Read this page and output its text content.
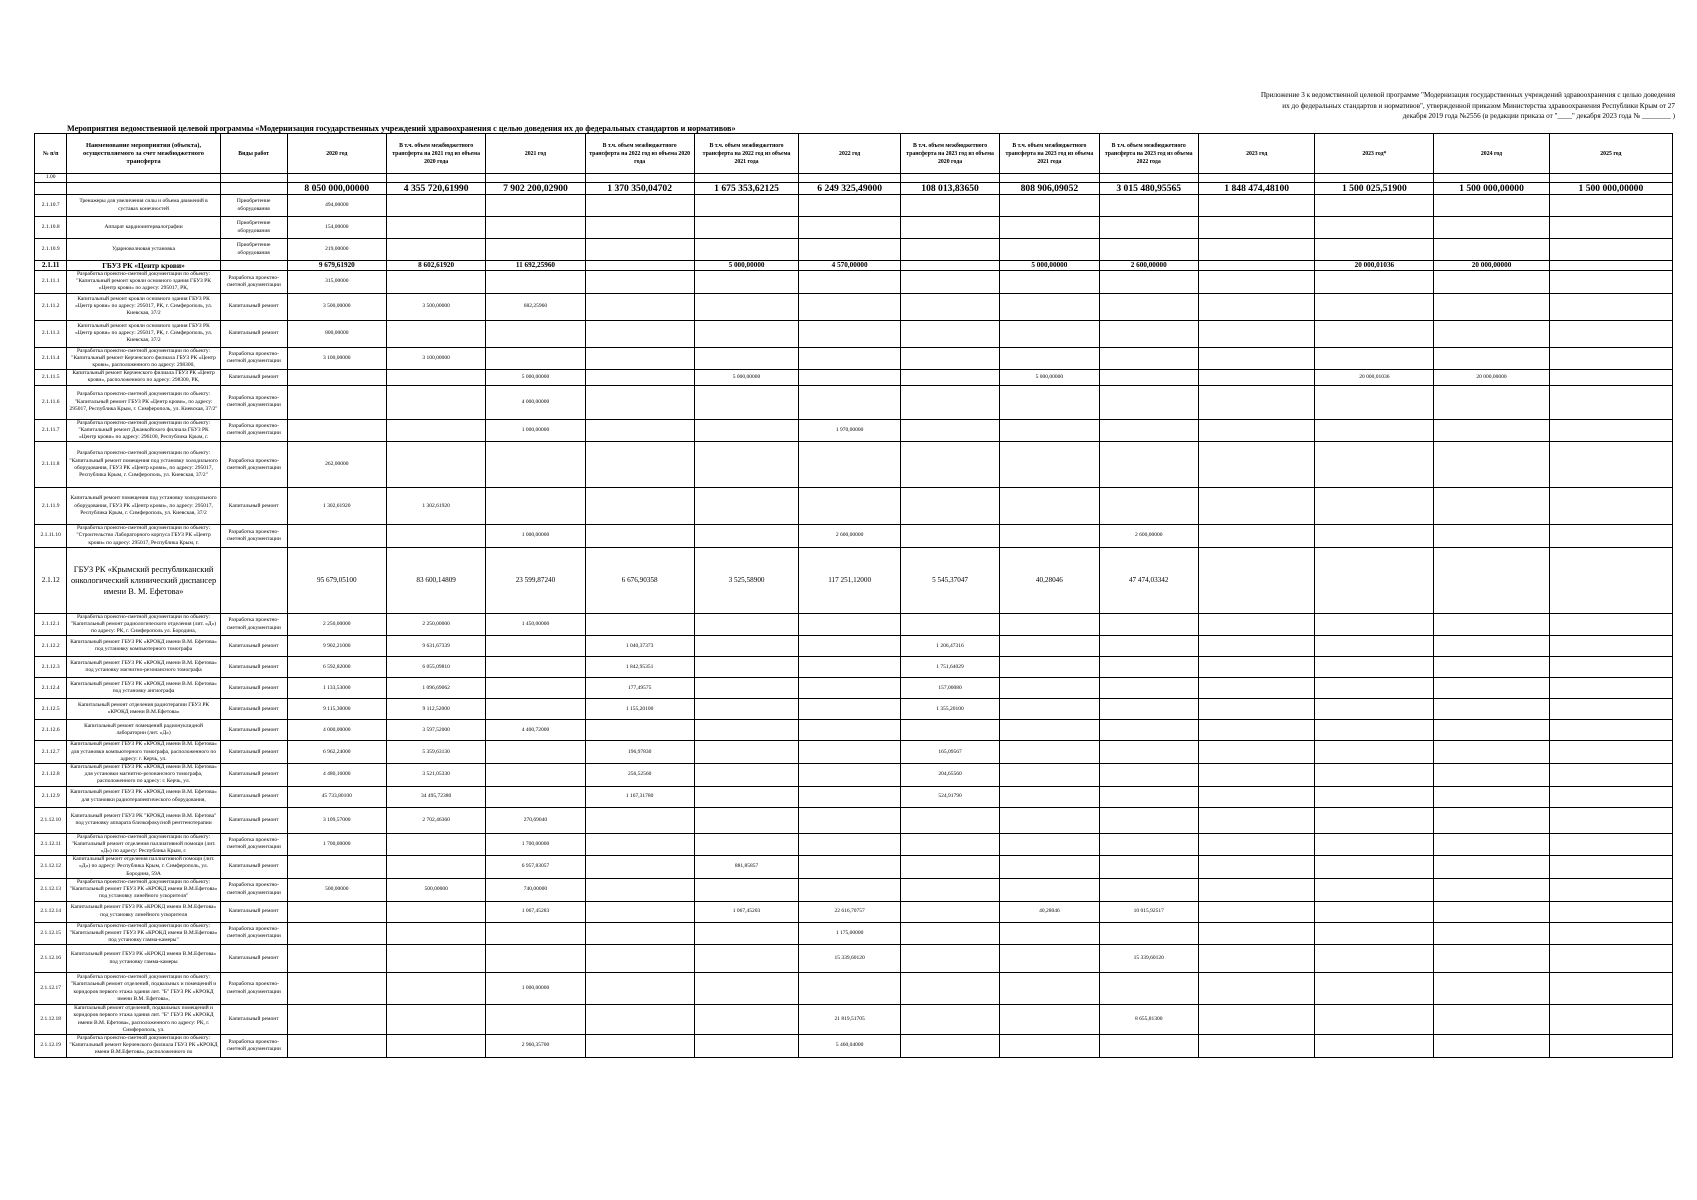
Приложение 3 к ведомственной целевой программе "Модернизация государственных учреждений здравоохранения с целью доведения
их до федеральных стандартов и нормативов", утвержденной приказом Министерства здравоохранения Республики Крым от 27
декабря 2019 года №2556 (в редакции приказа от "____" декабря 2023 года № ________ )
Мероприятия ведомственной целевой программы «Модернизация государственных учреждений здравоохранения с целью доведения их до федеральных стандартов и нормативов»
№ п/п	Наименование мероприятия (объекта), осуществляемого за счет межбюджетного трансферта	Виды работ	2020 год	В т.ч. объем межбюджетного трансферта на 2021 год из объема 2020 года	2021 год	В т.ч. объем межбюджетного трансферта на 2022 год из объема 2020 года	В т.ч. объем межбюджетного трансферта на 2022 год из объема 2021 года	2022 год	В т.ч. объем межбюджетного трансферта на 2023 год из объема 2020 года	В т.ч. объем межбюджетного трансферта на 2023 год из объема 2021 года	В т.ч. объем межбюджетного трансферта на 2023 год из объема 2022 года	2023 год	2023 год*	2024 год	2025 год
1.00															
			8 050 000,00000	4 355 720,61990	7 902 200,02900	1 370 350,04702	1 675 353,62125	6 249 325,49000	108 013,83650	808 906,09052	3 015 480,95565	1 848 474,48100	1 500 025,51900	1 500 000,00000	1 500 000,00000
2.1.10.7	Тренажеры для увеличения силы и объема движений в суставах конечностей	Приобретение оборудования	494,00000												
2.1.10.8	Аппарат кардиоинтервалографии	Приобретение оборудования	154,00000												
2.1.10.9	Ударноволновая установка	Приобретение оборудования	219,00000												
2.1.11	ГБУЗ РК «Центр крови»		9 679,61920	8 602,61920	11 692,25960		5 000,00000	4 570,00000		5 000,00000	2 600,00000		20 000,01036	20 000,00000	
2.1.11.1	Разработка проектно-сметной документации по объекту: "Капитальный ремонт кровли основного здания ГБУЗ РК «Центр крови» по адресу: 295017, РК,	Разработка проектно-сметной документации	315,00000												
2.1.11.2	Капитальный ремонт кровли основного здания ГБУЗ РК «Центр крови» по адресу: 295017, РК, г. Симферополь, ул. Киевская, 37/2	Капитальный ремонт	3 500,00000	3 500,00000	682,25960										
2.1.11.3	Капитальный ремонт кровли основного здания ГБУЗ РК «Центр крови» по адресу: 295017, РК, г. Симферополь, ул. Киевская, 37/2	Капитальный ремонт	800,00000												
2.1.11.4	Разработка проектно-сметной документации по объекту: "Капитальный ремонт Керченского филиала ГБУЗ РК «Центр крови», расположенного по адресу: 298300,	Разработка проектно-сметной документации	3 100,00000	3 100,00000											
2.1.11.5	Капитальный ремонт Керченского филиала ГБУЗ РК «Центр крови», расположенного по адресу: 298300, РК,	Капитальный ремонт			5 000,00000		5 000,00000			5 000,00000			20 000,01036	20 000,00000	
2.1.11.6	Разработка проектно-сметной документации по объекту: "Капитальный ремонт ГБУЗ РК «Центр крови», по адресу: 295017, Республика Крым, г. Симферополь, ул. Киевская, 37/2"	Разработка проектно-сметной документации			4 000,00000										
2.1.11.7	Разработка проектно-сметной документации по объекту: "Капитальный ремонт Джанкойского филиала ГБУЗ РК «Центр крови» по адресу: 296100, Республика Крым, г.	Разработка проектно-сметной документации			1 000,00000			1 970,00000							
2.1.11.8	Разработка проектно-сметной документации по объекту: "Капитальный ремонт помещения под установку холодильного оборудования, ГБУЗ РК «Центр крови», по адресу: 295017, Республика Крым, г. Симферополь, ул. Киевская, 37/2"	Разработка проектно-сметной документации	262,00000												
2.1.11.9	Капитальный ремонт помещения под установку холодильного оборудования, ГБУЗ РК «Центр крови», по адресу: 295017, Республика Крым, г. Симферополь, ул. Киевская, 37/2	Капитальный ремонт	1 302,61920	1 302,61920											
2.1.11.10	Разработка проектно-сметной документации по объекту: "Строительство Лабораторного корпуса ГБУЗ РК «Центр крови» по адресу: 295017, Республика Крым, г.	Разработка проектно-сметной документации			1 000,00000			2 600,00000			2 600,00000				
2.1.12	ГБУЗ РК «Крымский республиканский онкологический клинический диспансер имени В. М. Ефетова»		95 679,05100	83 600,14809	23 599,87240	6 676,90358	3 525,58900	117 251,12000	5 545,37047	40,28046	47 474,03342				
2.1.12.1	Разработка проектно-сметной документации по объекту: "Капитальный ремонт радиологического отделения (лит. «Д») по адресу: РК, г. Симферополь ул. Бородина,	Разработка проектно-сметной документации	2 250,00000	2 250,00000	1 450,00000										
2.1.12.2	Капитальный ремонт ГБУЗ РК «КРОКД имени В.М. Ефетова» под установку компьютерного томографа	Капитальный ремонт	9 902,21000	9 631,67339		1 040,37373			1 206,47316						
2.1.12.3	Капитальный ремонт ГБУЗ РК «КРОКД имени В.М. Ефетова» под установку магнитно-резонансного томографа	Капитальный ремонт	6 592,82000	6 055,09810		1 842,95351			1 751,64029						
2.1.12.4	Капитальный ремонт ГБУЗ РК «КРОКД имени В.М. Ефетова» под установку ангиографа	Капитальный ремонт	1 133,53000	1 096,69062		177,49575			157,00080						
2.1.12.5	Капитальный ремонт отделения радиотерапии ГБУЗ РК «КРОКД имени В.М.Ефетова»	Капитальный ремонт	9 115,30000	9 112,52000		1 155,20100			1 355,20100						
2.1.12.6	Капитальный ремонт помещений радионуклидной лаборатории (лит. «Д»)	Капитальный ремонт	4 000,00000	3 597,52000	4 400,72000										
2.1.12.7	Капитальный ремонт ГБУЗ РК «КРОКД имени В.М. Ефетова» для установки компьютерного томографа, расположенного по адресу: г. Керчь, ул.	Капитальный ремонт	6 962,24000	5 359,63130		196,97830			165,09567						
2.1.12.8	Капитальный ремонт ГБУЗ РК «КРОКД имени В.М. Ефетова» для установки магнитно-резонансного томографа, расположенного по адресу: г. Керчь, ул.	Капитальный ремонт	4 480,16000	3 521,05330		256,52560			204,65560						
2.1.12.9	Капитальный ремонт ГБУЗ РК «КРОКД имени В.М. Ефетова» для установки радиотерапевтического оборудования,	Капитальный ремонт	45 733,80100	34 495,72380		1 167,31780			524,91790						
2.1.12.10	Капитальный ремонт ГБУЗ РК "КРОКД имени В.М. Ефетова" под установку аппарата близкофокусной рентгенотерапии	Капитальный ремонт	3 109,57000	2 702,46360	270,69040										
2.1.12.11	Разработка проектно-сметной документации по объекту: "Капитальный ремонт отделения паллиативной помощи (лит. «Д») по адресу: Республика Крым, г.	Разработка проектно-сметной документации	1 700,00000		1 700,00000										
2.1.12.12	Капитальный ремонт отделения паллиативной помощи (лит. «Д») по адресу: Республика Крым, г. Симферополь, ул. Бородина, 59А	Капитальный ремонт			6 957,83057		881,85857								
2.1.12.13	Разработка проектно-сметной документации по объекту: "Капитальный ремонт ГБУЗ РК «КРОКД имени В.М.Ефетова» под установку линейного ускорителя"	Разработка проектно-сметной документации	500,00000	500,00000	740,00000										
2.1.12.14	Капитальный ремонт ГБУЗ РК «КРОКД имени В.М.Ефетова» под установку линейного ускорителя	Капитальный ремонт			1 067,45283		1 067,45203	22 616,70757		40,28046	10 015,92517				
2.1.12.15	Разработка проектно-сметной документации по объекту: "Капитальный ремонт ГБУЗ РК «КРОКД имени В.М.Ефетова» под установку гамма-камеры"	Разработка проектно-сметной документации						1 175,00000							
2.1.12.16	Капитальный ремонт ГБУЗ РК «КРОКД имени В.М.Ефетова» под установку гамма-камеры	Капитальный ремонт						15 339,60120			15 339,60120				
2.1.12.17	Разработка проектно-сметной документации по объекту: "Капитальный ремонт отделений, подвальных и помещений и коридоров первого этажа здания лит. "Б" ГБУЗ РК «КРОКД имени В.М. Ефетова»,	Разработка проектно-сметной документации			1 000,00000										
2.1.12.18	Капитальный ремонт отделений, подвальных помещений и коридоров первого этажа здания лит. "Б" ГБУЗ РК «КРОКД имени В.М. Ефетова», расположенного по адресу: РК, г. Симферополь, ул.	Капитальный ремонт						21 819,51705			8 655,81300				
2.1.12.19	Разработка проектно-сметной документации по объекту: "Капитальный ремонт Керченского филиала ГБУЗ РК «КРОКД имени В.М.Ефетова», расположенного по	Разработка проектно-сметной документации			2 960,35700			5 460,04000							
